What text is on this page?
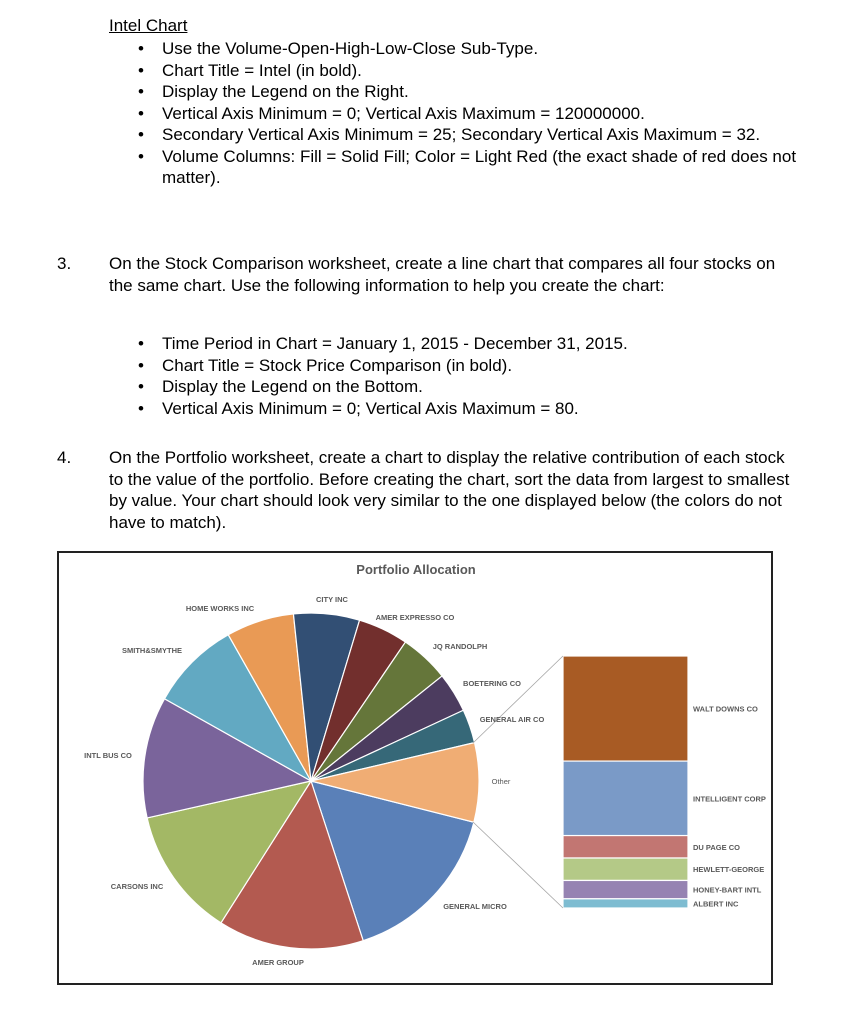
Intel Chart
• Use the Volume-Open-High-Low-Close Sub-Type.
• Chart Title = Intel (in bold).
• Display the Legend on the Right.
• Vertical Axis Minimum = 0; Vertical Axis Maximum = 120000000.
• Secondary Vertical Axis Minimum = 25; Secondary Vertical Axis Maximum = 32.
• Volume Columns: Fill = Solid Fill; Color = Light Red (the exact shade of red does not matter).
3. On the Stock Comparison worksheet, create a line chart that compares all four stocks on the same chart. Use the following information to help you create the chart:
• Time Period in Chart = January 1, 2015 - December 31, 2015.
• Chart Title = Stock Price Comparison (in bold).
• Display the Legend on the Bottom.
• Vertical Axis Minimum = 0; Vertical Axis Maximum = 80.
4. On the Portfolio worksheet, create a chart to display the relative contribution of each stock to the value of the portfolio. Before creating the chart, sort the data from largest to smallest by value. Your chart should look very similar to the one displayed below (the colors do not have to match).
Portfolio Allocation
GENERAL MICRO
AMER GROUP
CARSONS INC
INTL BUS CO
SMITH&SMYTHE
HOME WORKS INC
CITY INC
AMER EXPRESSO CO
JQ RANDOLPH
BOETERING CO
GENERAL AIR CO
Other
WALT DOWNS CO
INTELLIGENT CORP
DU PAGE CO
HEWLETT-GEORGE
HONEY-BART INTL
ALBERT INC
